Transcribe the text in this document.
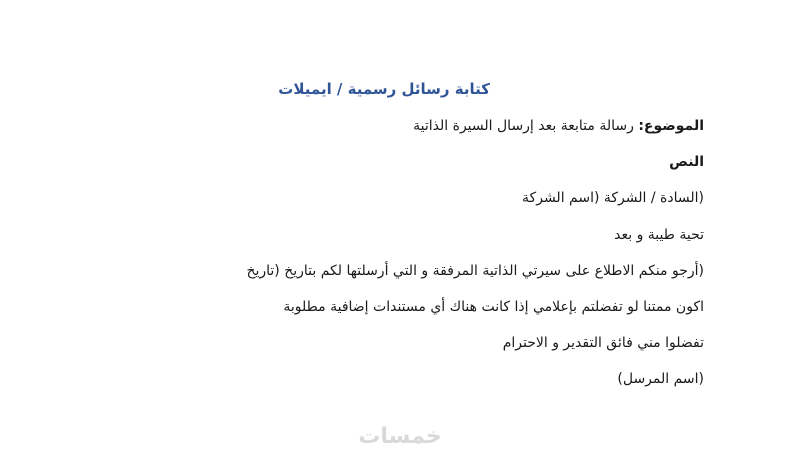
كتابة رسائل رسمية / ايميلات
الموضوع: رسالة متابعة بعد إرسال السيرة الذاتية
النص
(السادة / الشركة (اسم الشركة
تحية طيبة و بعد
(أرجو منكم الاطلاع على سيرتي الذاتية المرفقة و التي أرسلتها لكم بتاريخ (تاريخ
اكون ممتنا لو تفضلتم بإعلامي إذا كانت هناك أي مستندات إضافية مطلوبة
تفضلوا مني فائق التقدير و الاحترام
(اسم المرسل)
خمسات
